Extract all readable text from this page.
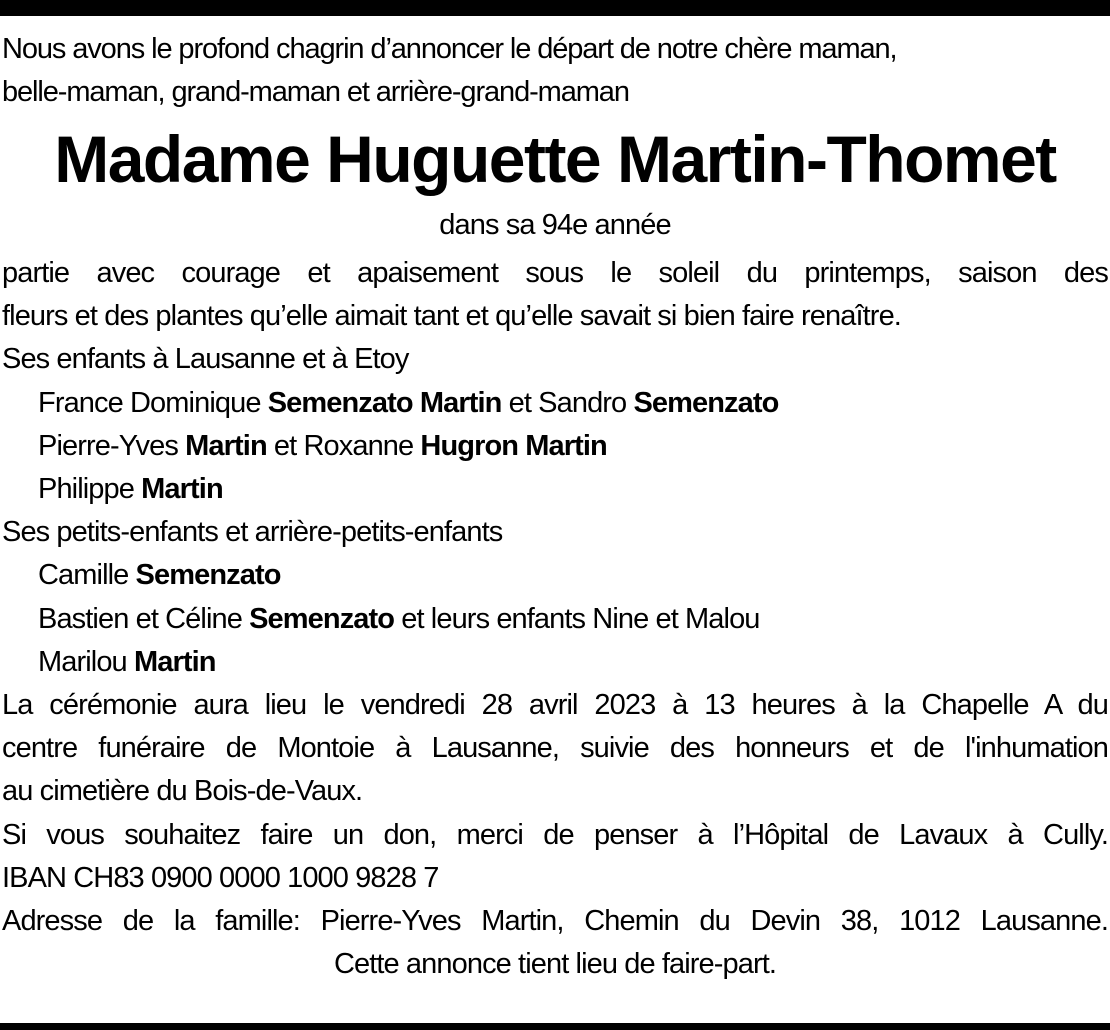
Nous avons le profond chagrin d’annoncer le départ de notre chère maman,
belle-maman, grand-maman et arrière-grand-maman
Madame Huguette Martin-Thomet
dans sa 94e année
partie avec courage et apaisement sous le soleil du printemps, saison des
fleurs et des plantes qu’elle aimait tant et qu’elle savait si bien faire renaître.
Ses enfants à Lausanne et à Etoy
France Dominique Semenzato Martin et Sandro Semenzato
Pierre-Yves Martin et Roxanne Hugron Martin
Philippe Martin
Ses petits-enfants et arrière-petits-enfants
Camille Semenzato
Bastien et Céline Semenzato et leurs enfants Nine et Malou
Marilou Martin
La cérémonie aura lieu le vendredi 28 avril 2023 à 13 heures à la Chapelle A du
centre funéraire de Montoie à Lausanne, suivie des honneurs et de l'inhumation
au cimetière du Bois-de-Vaux.
Si vous souhaitez faire un don, merci de penser à l’Hôpital de Lavaux à Cully.
IBAN CH83 0900 0000 1000 9828 7
Adresse de la famille: Pierre-Yves Martin, Chemin du Devin 38, 1012 Lausanne.
Cette annonce tient lieu de faire-part.
